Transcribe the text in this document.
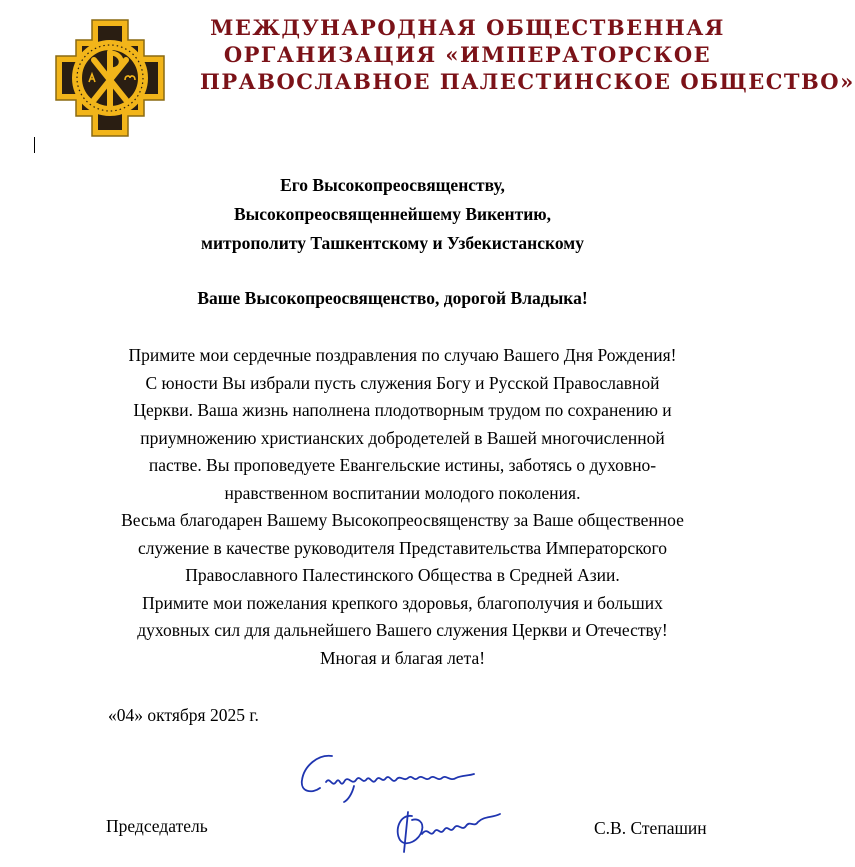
МЕЖДУНАРОДНАЯ ОБЩЕСТВЕННАЯ
ОРГАНИЗАЦИЯ «ИМПЕРАТОРСКОЕ
ПРАВОСЛАВНОЕ ПАЛЕСТИНСКОЕ ОБЩЕСТВО»
Его Высокопреосвященству,
Высокопреосвященнейшему Викентию,
митрополиту Ташкентскому и Узбекистанскому
Ваше Высокопреосвященство, дорогой Владыка!
Примите мои сердечные поздравления по случаю Вашего Дня Рождения!
С юности Вы избрали пусть служения Богу и Русской Православной
Церкви. Ваша жизнь наполнена плодотворным трудом по сохранению и
приумножению христианских добродетелей в Вашей многочисленной
пастве. Вы проповедуете Евангельские истины, заботясь о духовно-
нравственном воспитании молодого поколения.
Весьма благодарен Вашему Высокопреосвященству за Ваше общественное
служение в качестве руководителя Представительства Императорского
Православного Палестинского Общества в Средней Азии.
Примите мои пожелания крепкого здоровья, благополучия и больших
духовных сил для дальнейшего Вашего служения Церкви и Отечеству!
Многая и благая лета!
«04» октября 2025 г.
Председатель	С.В. Степашин
